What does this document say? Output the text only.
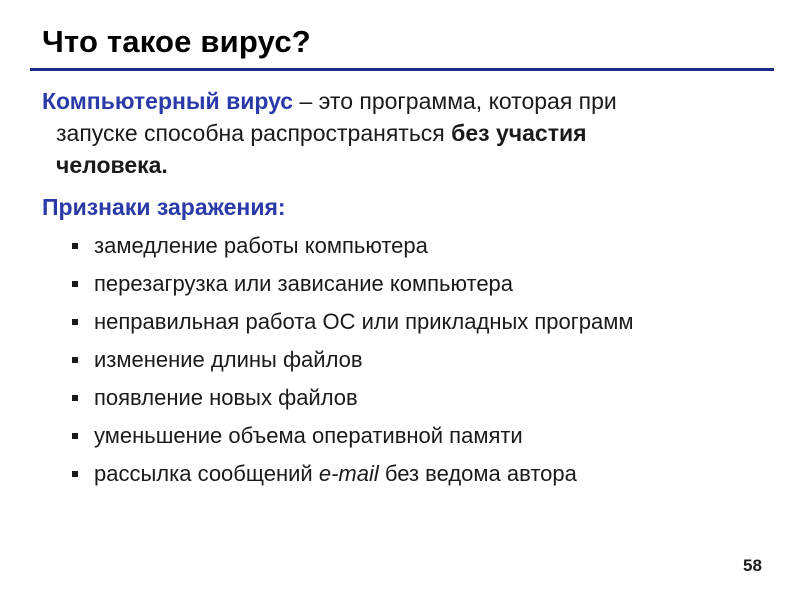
Что такое вирус?
Компьютерный вирус – это программа, которая при
запуске способна распространяться без участия
человека.
Признаки заражения:
замедление работы компьютера
перезагрузка или зависание компьютера
неправильная работа ОС или прикладных программ
изменение длины файлов
появление новых файлов
уменьшение объема оперативной памяти
рассылка сообщений e-mail без ведома автора
58
